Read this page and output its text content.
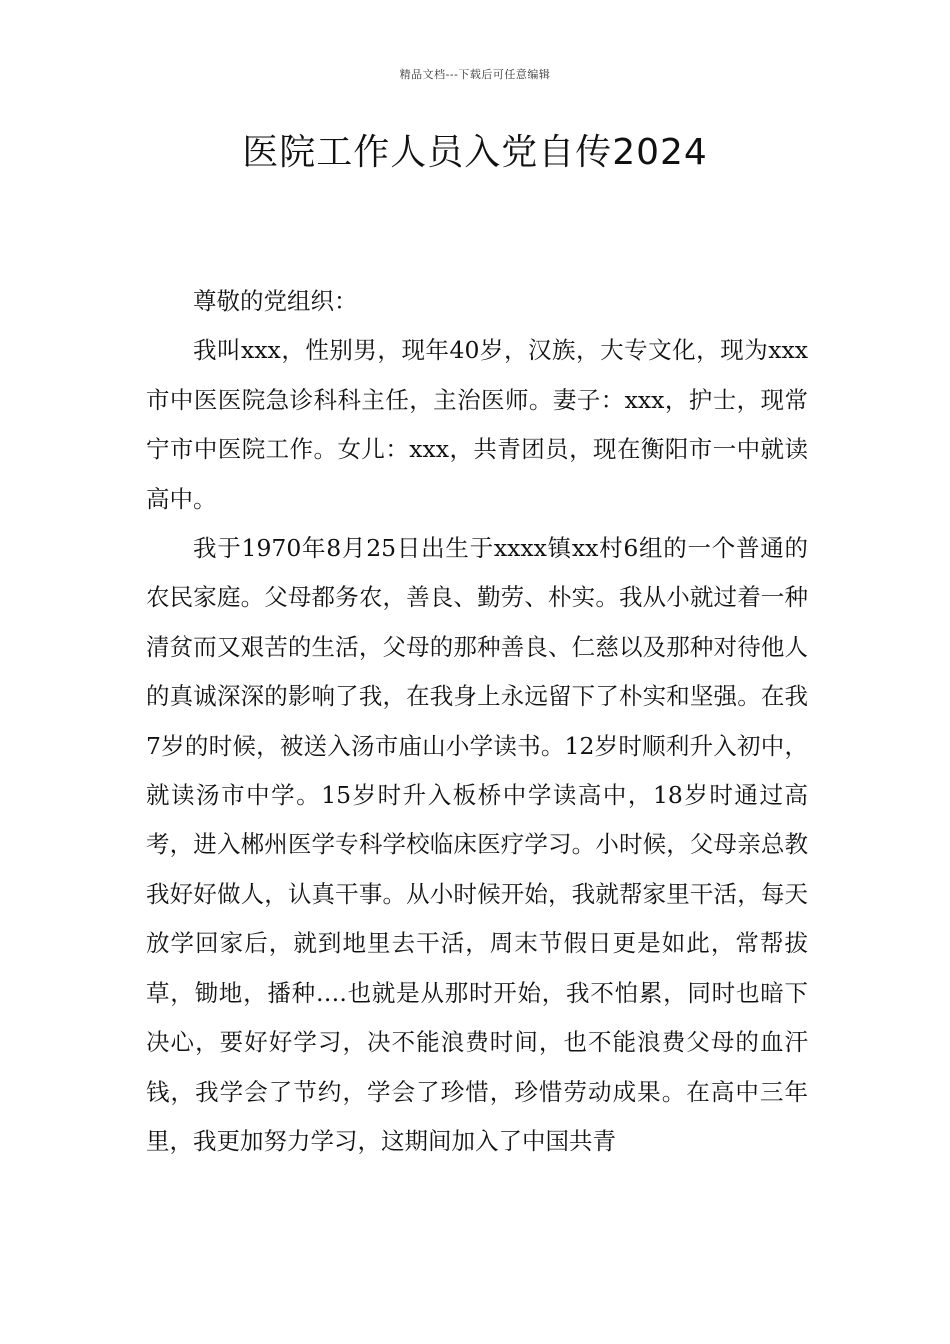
精品文档---下载后可任意编辑
医院工作人员入党自传2024

尊敬的党组织：

我叫xxx，性别男，现年40岁，汉族，大专文化，现为xxx市中医医院急诊科科主任，主治医师。妻子：xxx，护士，现常宁市中医院工作。女儿：xxx，共青团员，现在衡阳市一中就读高中。

我于1970年8月25日出生于xxxx镇xx村6组的一个普通的农民家庭。父母都务农，善良、勤劳、朴实。我从小就过着一种清贫而又艰苦的生活，父母的那种善良、仁慈以及那种对待他人的真诚深深的影响了我，在我身上永远留下了朴实和坚强。在我7岁的时候，被送入汤市庙山小学读书。12岁时顺利升入初中，就读汤市中学。15岁时升入板桥中学读高中，18岁时通过高考，进入郴州医学专科学校临床医疗学习。小时候，父母亲总教我好好做人，认真干事。从小时候开始，我就帮家里干活，每天放学回家后，就到地里去干活，周末节假日更是如此，常帮拔草，锄地，播种….也就是从那时开始，我不怕累，同时也暗下决心，要好好学习，决不能浪费时间，也不能浪费父母的血汗钱，我学会了节约，学会了珍惜，珍惜劳动成果。在高中三年里，我更加努力学习，这期间加入了中国共青
